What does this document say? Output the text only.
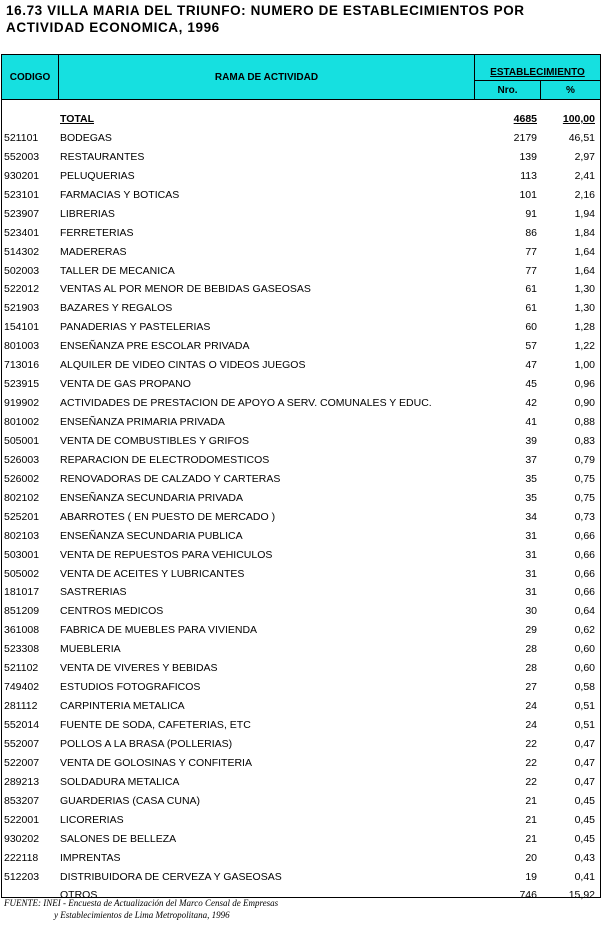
16.73 VILLA MARIA DEL TRIUNFO: NUMERO DE ESTABLECIMIENTOS POR
ACTIVIDAD ECONOMICA, 1996
CODIGO	RAMA DE ACTIVIDAD	ESTABLECIMIENTO
Nro.	%
TOTAL	4685 100,00
521101 BODEGAS	2179	46,51
552003 RESTAURANTES	139	2,97
930201 PELUQUERIAS	113	2,41
523101 FARMACIAS Y BOTICAS	101	2,16
523907 LIBRERIAS	91	1,94
523401 FERRETERIAS	86	1,84
514302 MADERERAS	77	1,64
502003 TALLER DE MECANICA	77	1,64
522012 VENTAS AL POR MENOR DE BEBIDAS GASEOSAS	61	1,30
521903 BAZARES Y REGALOS	61	1,30
154101 PANADERIAS Y PASTELERIAS	60	1,28
801003 ENSEÑANZA PRE ESCOLAR PRIVADA	57	1,22
713016 ALQUILER DE VIDEO CINTAS O VIDEOS JUEGOS	47	1,00
523915 VENTA DE GAS PROPANO	45	0,96
919902 ACTIVIDADES DE PRESTACION DE APOYO A SERV. COMUNALES Y EDUC.	42	0,90
801002 ENSEÑANZA PRIMARIA PRIVADA	41	0,88
505001 VENTA DE COMBUSTIBLES Y GRIFOS	39	0,83
526003 REPARACION DE ELECTRODOMESTICOS	37	0,79
526002 RENOVADORAS DE CALZADO Y CARTERAS	35	0,75
802102 ENSEÑANZA SECUNDARIA PRIVADA	35	0,75
525201 ABARROTES ( EN PUESTO DE MERCADO )	34	0,73
802103 ENSEÑANZA SECUNDARIA PUBLICA	31	0,66
503001 VENTA DE REPUESTOS PARA VEHICULOS	31	0,66
505002 VENTA DE ACEITES Y LUBRICANTES	31	0,66
181017 SASTRERIAS	31	0,66
851209 CENTROS MEDICOS	30	0,64
361008 FABRICA DE MUEBLES PARA VIVIENDA	29	0,62
523308 MUEBLERIA	28	0,60
521102 VENTA DE VIVERES Y BEBIDAS	28	0,60
749402 ESTUDIOS FOTOGRAFICOS	27	0,58
281112 CARPINTERIA METALICA	24	0,51
552014 FUENTE DE SODA, CAFETERIAS, ETC	24	0,51
552007 POLLOS A LA BRASA (POLLERIAS)	22	0,47
522007 VENTA DE GOLOSINAS Y CONFITERIA	22	0,47
289213 SOLDADURA METALICA	22	0,47
853207 GUARDERIAS (CASA CUNA)	21	0,45
522001 LICORERIAS	21	0,45
930202 SALONES DE BELLEZA	21	0,45
222118 IMPRENTAS	20	0,43
512203 DISTRIBUIDORA DE CERVEZA Y GASEOSAS	19	0,41
OTROS	746	15,92
FUENTE: INEI - Encuesta de Actualización del Marco Censal de Empresas
y Establecimientos de Lima Metropolitana, 1996
